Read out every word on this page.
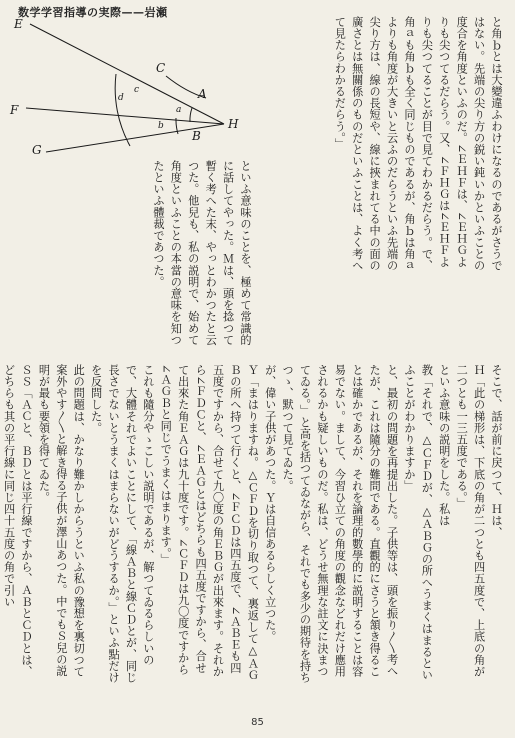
数学学習指導の実際——岩瀬
E
C
A
F
H
B
G
a
b
d
c	と角ｂとは大變違ふわけになるのであるがさうではない。先端の尖り方の鋭い鈍いかといふことの度合を角度といふのだ。∠ＥＨＦは、∠ＥＨＧよりも尖つてるだらう。又、∠ＦＨＧは∠ＥＨＦよりも尖つてることが目で見てわかるだらう。で、角ａも角ｂも全く同じものであるが、角ｂは角ａよりも角度が大きいと云ふのだらうといふ先端の尖り方は、線の長短や、線に挾まれてる中の面の廣さとは無關係のものだといふことは、よく考へて見たらわかるだらう。」
といふ意味のことを、極めて常識的に話してやった。Ｍは、頭を捻つて暫く考へた末、やっとわかつたと云つた。他兒も、私の説明で、始めて角度といふことの本當の意味を知つたといふ體裁であつた。
そこで、話が前に戻つて、Ｈは、
Ｈ「此の梯形は、下底の角が二つとも四五度で、上底の角が二つとも一三五度である。」
といふ意味の説明をした。私は
教「それで、△ＣＦＤが、△ＡＢＧの所へうまくはまるといふことがわかりますか」
と、最初の問題を再提出した。子供等は、頭を振り〳〵考へたが、これは隨分の難問である。直觀的にさうと頷き得ることは確かであるが、それを論理的數學的に説明することは容易でない。まして、今習ひ立ての角度の觀念などれだけ應用されるかも疑しいものだ。私は、どうせ無理な註文に決まつてゐる。」と高を括つてゐながら、それでも多少の期待を持ちつゝ、默つて見てゐた。
が、偉い子供があつた。Ｙは自信あるらしく立つた。
Ｙ「まはりますね。△ＣＦＤを切り取つて、裏返して△ＡＧＢの所へ持つて行くと、∠ＦＣＤは四五度で、∠ＡＢＥも四五度ですから、合せて九〇度の角ＥＢＧが出來ます。それから∠ＦＤＣと、∠ＥＡＧとはどちらも四五度ですから、合せて出來た角ＥＡＧは九十度です。∠ＣＦＤは九〇度ですから∠ＡＧＢと同じでうまくはまります。」
これも隨分やゝこしい説明であるが、解つてゐるらしいので、大體それでよいことにして、「線ＡＢと線ＣＤとが、同じ長さでないとうまくはまらないがどうするか。」といふ點だけを反問した。
此の問題は、かなり難かしからうといふ私の豫想を裏切つて案外やす〳〵と解き得る子供が澤山あつた。中でもＳ兒の説明が最も要領を得てゐた。
ＳＳ「ＡＣと、ＢＤとは平行線ですから、ＡＢとＣＤとは、どちらも其の平行線に同じ四十五度の角で引い
85
